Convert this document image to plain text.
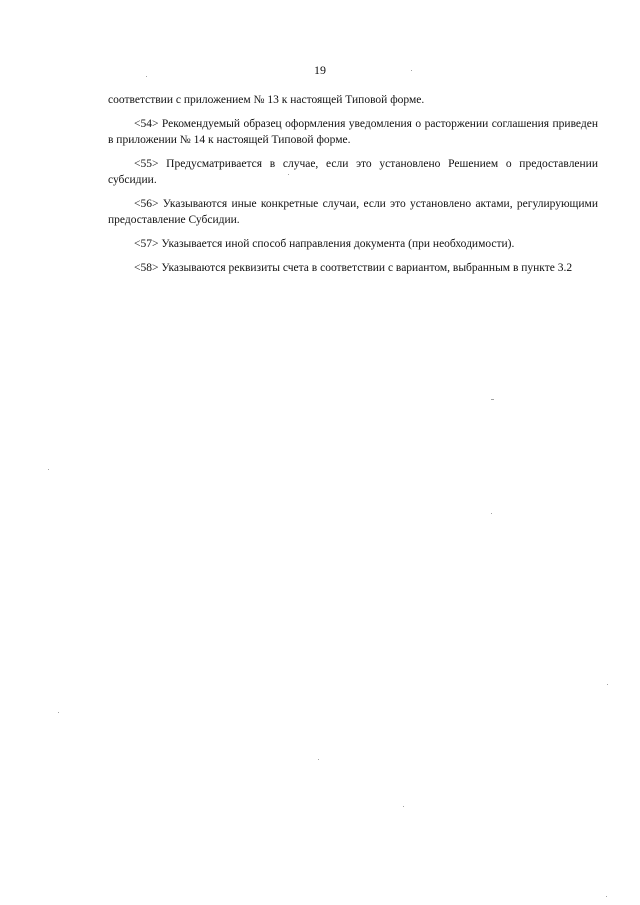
19

соответствии с приложением № 13 к настоящей Типовой форме.

<54> Рекомендуемый образец оформления уведомления о расторжении соглашения приведен в приложении № 14 к настоящей Типовой форме.

<55> Предусматривается в случае, если это установлено Решением о предоставлении субсидии.

<56> Указываются иные конкретные случаи, если это установлено актами, регулирующими предоставление Субсидии.

<57> Указывается иной способ направления документа (при необходимости).

<58> Указываются реквизиты счета в соответствии с вариантом, выбранным в пункте 3.2
